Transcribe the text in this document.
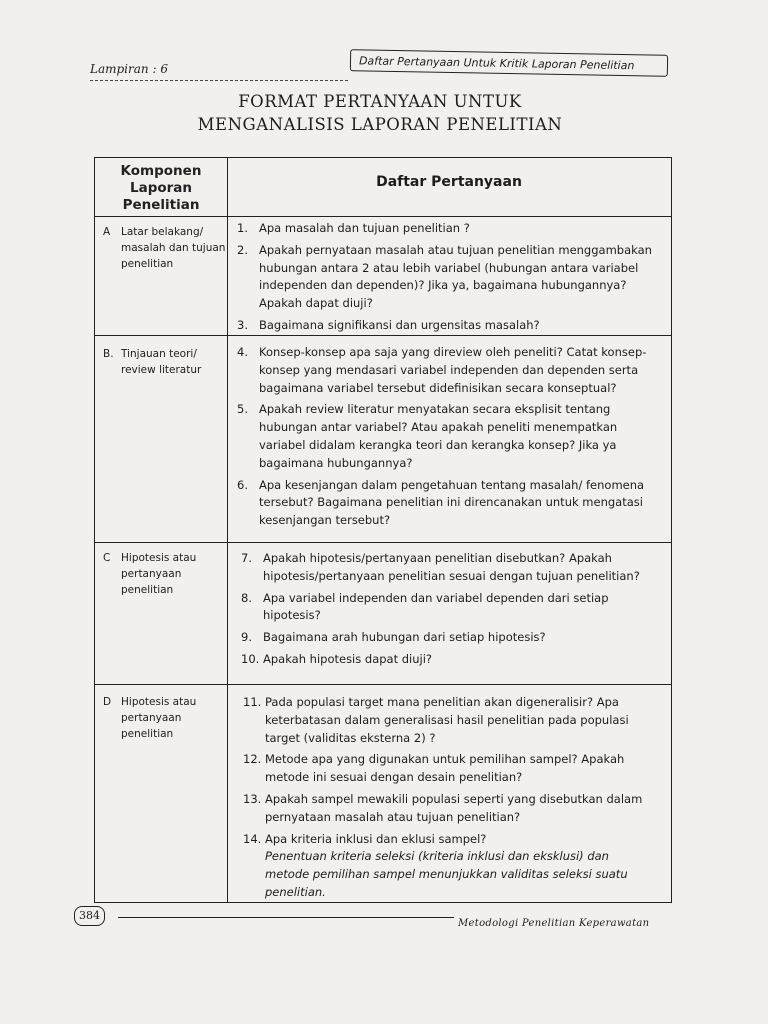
Lampiran : 6	Daftar Pertanyaan Untuk Kritik Laporan Penelitian
FORMAT PERTANYAAN UNTUK
MENGANALISIS LAPORAN PENELITIAN
Komponen
Laporan
Penelitian
Daftar Pertanyaan
A Latar belakang/ masalah dan tujuan penelitian
1. Apa masalah dan tujuan penelitian ?
2. Apakah pernyataan masalah atau tujuan penelitian menggambakan hubungan antara 2 atau lebih variabel (hubungan antara variabel independen dan dependen)? Jika ya, bagaimana hubungannya? Apakah dapat diuji?
3. Bagaimana signifikansi dan urgensitas masalah?
B. Tinjauan teori/ review literatur
4. Konsep-konsep apa saja yang direview oleh peneliti? Catat konsep-konsep yang mendasari variabel independen dan dependen serta bagaimana variabel tersebut didefinisikan secara konseptual?
5. Apakah review literatur menyatakan secara eksplisit tentang hubungan antar variabel? Atau apakah peneliti menempatkan variabel didalam kerangka teori dan kerangka konsep? Jika ya bagaimana hubungannya?
6. Apa kesenjangan dalam pengetahuan tentang masalah/ fenomena tersebut? Bagaimana penelitian ini direncanakan untuk mengatasi kesenjangan tersebut?
C Hipotesis atau pertanyaan penelitian
7. Apakah hipotesis/pertanyaan penelitian disebutkan? Apakah hipotesis/pertanyaan penelitian sesuai dengan tujuan penelitian?
8. Apa variabel independen dan variabel dependen dari setiap hipotesis?
9. Bagaimana arah hubungan dari setiap hipotesis?
10. Apakah hipotesis dapat diuji?
D Hipotesis atau pertanyaan penelitian
11. Pada populasi target mana penelitian akan digeneralisir? Apa keterbatasan dalam generalisasi hasil penelitian pada populasi target (validitas eksterna 2) ?
12. Metode apa yang digunakan untuk pemilihan sampel? Apakah metode ini sesuai dengan desain penelitian?
13. Apakah sampel mewakili populasi seperti yang disebutkan dalam pernyataan masalah atau tujuan penelitian?
14. Apa kriteria inklusi dan eklusi sampel?
Penentuan kriteria seleksi (kriteria inklusi dan eksklusi) dan metode pemilihan sampel menunjukkan validitas seleksi suatu penelitian.
384
Metodologi Penelitian Keperawatan
